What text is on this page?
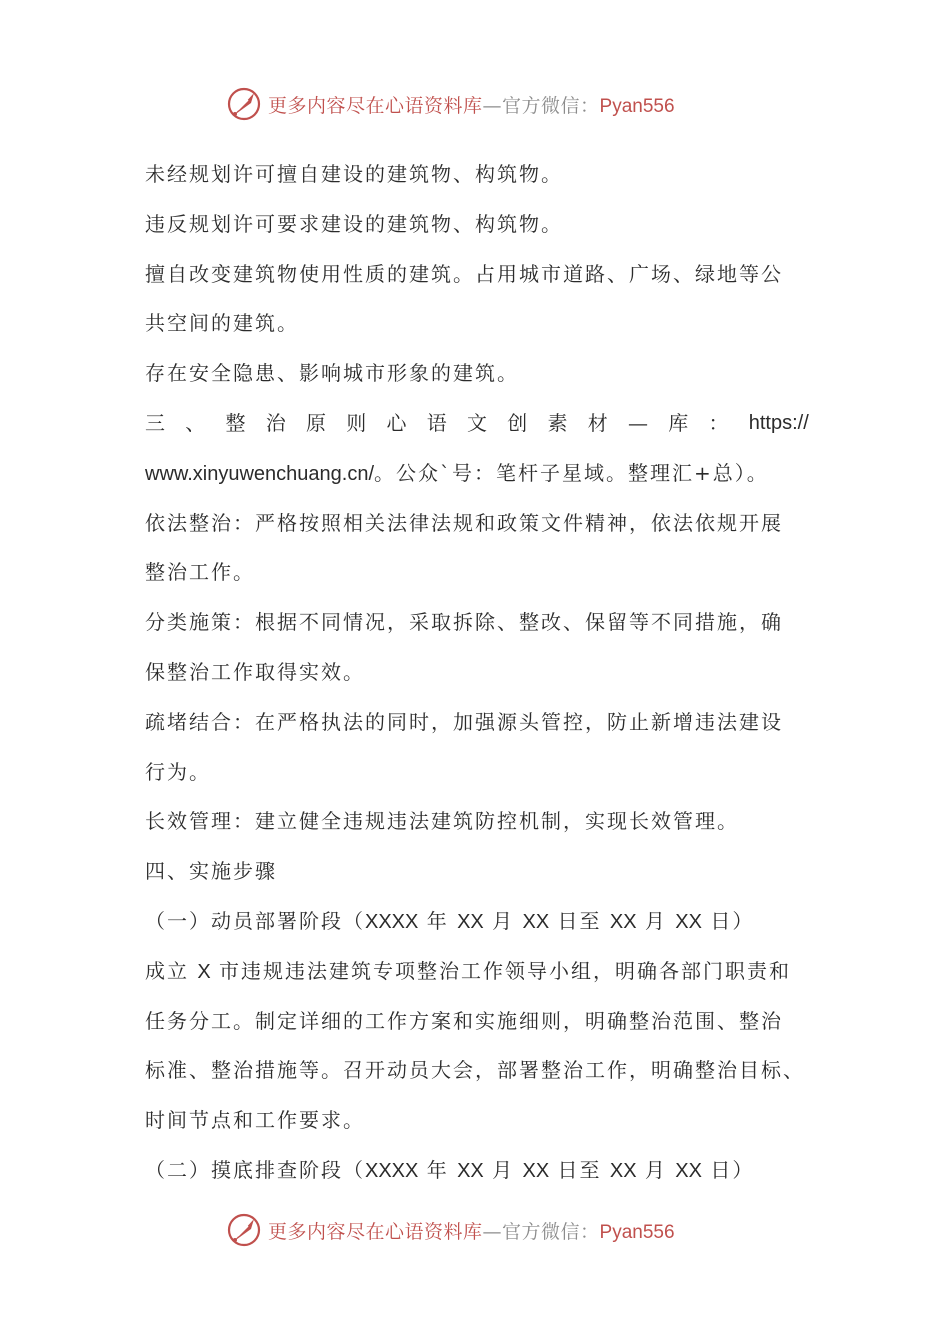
更多内容尽在心语资料库—官方微信：Pyan556
未经规划许可擅自建设的建筑物、构筑物。
违反规划许可要求建设的建筑物、构筑物。
擅自改变建筑物使用性质的建筑。占用城市道路、广场、绿地等公
共空间的建筑。
存在安全隐患、影响城市形象的建筑。
三 、 整 治 原 则 心 语 文 创 素 材 — 库 ： https://
www.xinyuwenchuang.cn/。公众`号：笔杆子星域。整理汇+总）。
依法整治：严格按照相关法律法规和政策文件精神，依法依规开展
整治工作。
分类施策：根据不同情况，采取拆除、整改、保留等不同措施，确
保整治工作取得实效。
疏堵结合：在严格执法的同时，加强源头管控，防止新增违法建设
行为。
长效管理：建立健全违规违法建筑防控机制，实现长效管理。
四、实施步骤
（一）动员部署阶段（XXXX 年 XX 月 XX 日至 XX 月 XX 日）
成立 X 市违规违法建筑专项整治工作领导小组，明确各部门职责和
任务分工。制定详细的工作方案和实施细则，明确整治范围、整治
标准、整治措施等。召开动员大会，部署整治工作，明确整治目标、
时间节点和工作要求。
（二）摸底排查阶段（XXXX 年 XX 月 XX 日至 XX 月 XX 日）
更多内容尽在心语资料库—官方微信：Pyan556
